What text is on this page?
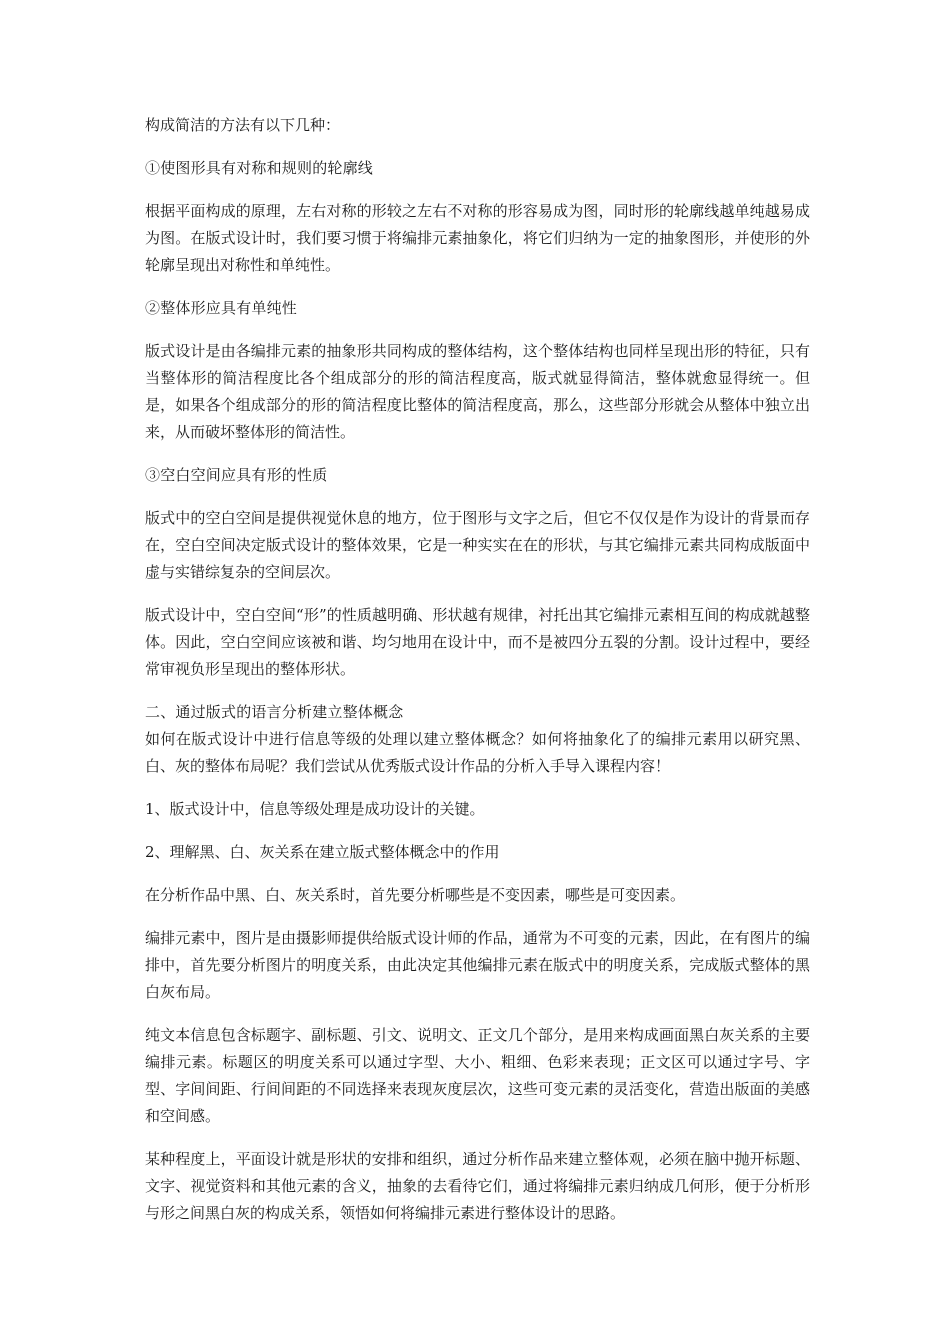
构成简洁的方法有以下几种：

①使图形具有对称和规则的轮廓线

根据平面构成的原理，左右对称的形较之左右不对称的形容易成为图，同时形的轮廓线越单纯越易成为图。在版式设计时，我们要习惯于将编排元素抽象化，将它们归纳为一定的抽象图形，并使形的外轮廓呈现出对称性和单纯性。

②整体形应具有单纯性

版式设计是由各编排元素的抽象形共同构成的整体结构，这个整体结构也同样呈现出形的特征，只有当整体形的简洁程度比各个组成部分的形的简洁程度高，版式就显得简洁，整体就愈显得统一。但是，如果各个组成部分的形的简洁程度比整体的简洁程度高，那么，这些部分形就会从整体中独立出来，从而破坏整体形的简洁性。

③空白空间应具有形的性质

版式中的空白空间是提供视觉休息的地方，位于图形与文字之后，但它不仅仅是作为设计的背景而存在，空白空间决定版式设计的整体效果，它是一种实实在在的形状，与其它编排元素共同构成版面中虚与实错综复杂的空间层次。

版式设计中，空白空间“形”的性质越明确、形状越有规律，衬托出其它编排元素相互间的构成就越整体。因此，空白空间应该被和谐、均匀地用在设计中，而不是被四分五裂的分割。设计过程中，要经常审视负形呈现出的整体形状。

二、通过版式的语言分析建立整体概念

如何在版式设计中进行信息等级的处理以建立整体概念？如何将抽象化了的编排元素用以研究黑、白、灰的整体布局呢？我们尝试从优秀版式设计作品的分析入手导入课程内容！

1、版式设计中，信息等级处理是成功设计的关键。

2、理解黑、白、灰关系在建立版式整体概念中的作用

在分析作品中黑、白、灰关系时，首先要分析哪些是不变因素，哪些是可变因素。

编排元素中，图片是由摄影师提供给版式设计师的作品，通常为不可变的元素，因此，在有图片的编排中，首先要分析图片的明度关系，由此决定其他编排元素在版式中的明度关系，完成版式整体的黑白灰布局。

纯文本信息包含标题字、副标题、引文、说明文、正文几个部分，是用来构成画面黑白灰关系的主要编排元素。标题区的明度关系可以通过字型、大小、粗细、色彩来表现；正文区可以通过字号、字型、字间间距、行间间距的不同选择来表现灰度层次，这些可变元素的灵活变化，营造出版面的美感和空间感。

某种程度上，平面设计就是形状的安排和组织，通过分析作品来建立整体观，必须在脑中抛开标题、文字、视觉资料和其他元素的含义，抽象的去看待它们，通过将编排元素归纳成几何形，便于分析形与形之间黑白灰的构成关系，领悟如何将编排元素进行整体设计的思路。
